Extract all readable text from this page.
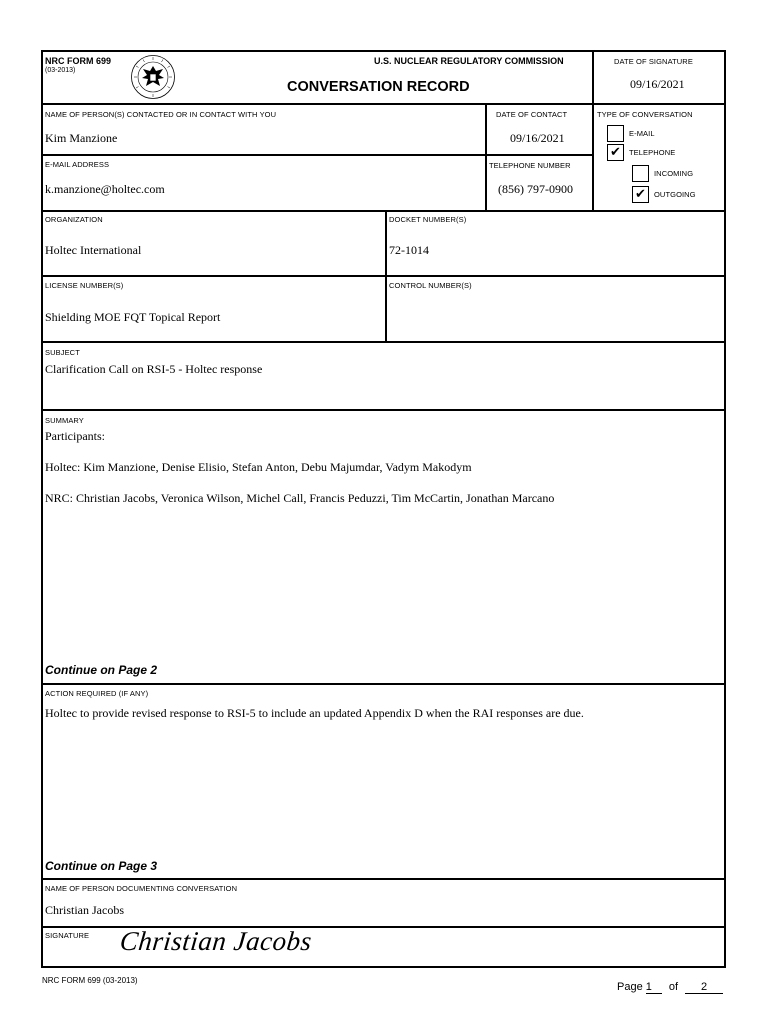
NRC FORM 699
(03-2013)
U.S. NUCLEAR REGULATORY COMMISSION
CONVERSATION RECORD
DATE OF SIGNATURE
09/16/2021
NAME OF PERSON(S) CONTACTED OR IN CONTACT WITH YOU
Kim Manzione
DATE OF CONTACT
09/16/2021
E-MAIL ADDRESS
k.manzione@holtec.com
TELEPHONE NUMBER
(856) 797-0900
TYPE OF CONVERSATION
E-MAIL
✔	TELEPHONE
INCOMING
✔	OUTGOING
ORGANIZATION
Holtec International
DOCKET NUMBER(S)
72-1014
LICENSE NUMBER(S)
Shielding MOE FQT Topical Report
CONTROL NUMBER(S)
SUBJECT
Clarification Call on RSI-5 - Holtec response
SUMMARY
Participants:
Holtec: Kim Manzione, Denise Elisio, Stefan Anton, Debu Majumdar, Vadym Makodym
NRC: Christian Jacobs, Veronica Wilson, Michel Call, Francis Peduzzi, Tim McCartin, Jonathan Marcano
Continue on Page 2
ACTION REQUIRED (IF ANY)
Holtec to provide revised response to RSI-5 to include an updated Appendix D when the RAI responses are due.
Continue on Page 3
NAME OF PERSON DOCUMENTING CONVERSATION
Christian Jacobs
SIGNATURE Christian Jacobs
NRC FORM 699 (03-2013)
Page 1 of 2
